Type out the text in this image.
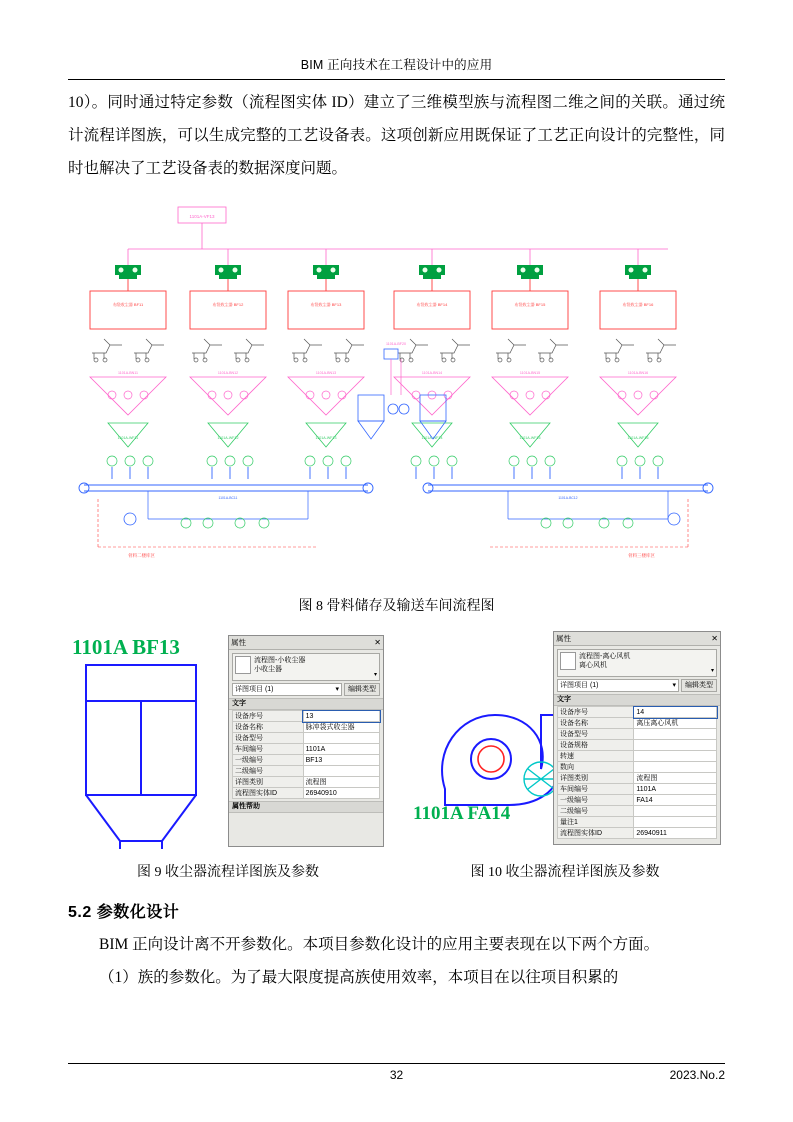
BIM 正向技术在工程设计中的应用

10）。同时通过特定参数（流程图实体 ID）建立了三维模型族与流程图二维之间的关联。通过统计流程详图族，可以生成完整的工艺设备表。这项创新应用既保证了工艺正向设计的完整性，同时也解决了工艺设备表的数据深度问题。

1101A-VF13
布袋收尘器 BF11	布袋收尘器 BF12	布袋收尘器 BF13	布袋收尘器 BF14	布袋收尘器 BF15	布袋收尘器 BF16
1101A-BN11	1101A-BN12	1101A-BN13	1101A-BN14	1101A-BN15	1101A-BN16
1101A-WF11	1101A-WF12	1101A-WF13	1101A-WF14	1101A-WF15	1101A-WF16
1101A-BF20
骨料二楼库区	骨料三楼库区
1101A-BC11	1101A-BC12
图 8 骨料储存及输送车间流程图
1101A BF13	属性	✕
流程图-小收尘器
小收尘器
▾
详图项目 (1)	▾	编辑类型
文字
设备序号	13
设备名称	脉冲袋式收尘器
设备型号	
车间编号	1101A
一级编号	BF13
二级编号	
详图类别	流程图
流程图实体ID	26940910
属性帮助
图 9 收尘器流程详图族及参数
1101A FA14
属性	✕
流程图-离心风机
离心风机
▾
详图项目 (1)	▾	编辑类型
文字
设备序号	14
设备名称	离压离心风机
设备型号	
设备规格	
转速	
数向	
详图类别	流程图
车间编号	1101A
一级编号	FA14
二级编号	
量注1	
流程图实体ID	26940911
图 10 收尘器流程详图族及参数
5.2 参数化设计

BIM 正向设计离不开参数化。本项目参数化设计的应用主要表现在以下两个方面。

（1）族的参数化。为了最大限度提高族使用效率，本项目在以往项目积累的

32	2023.No.2
